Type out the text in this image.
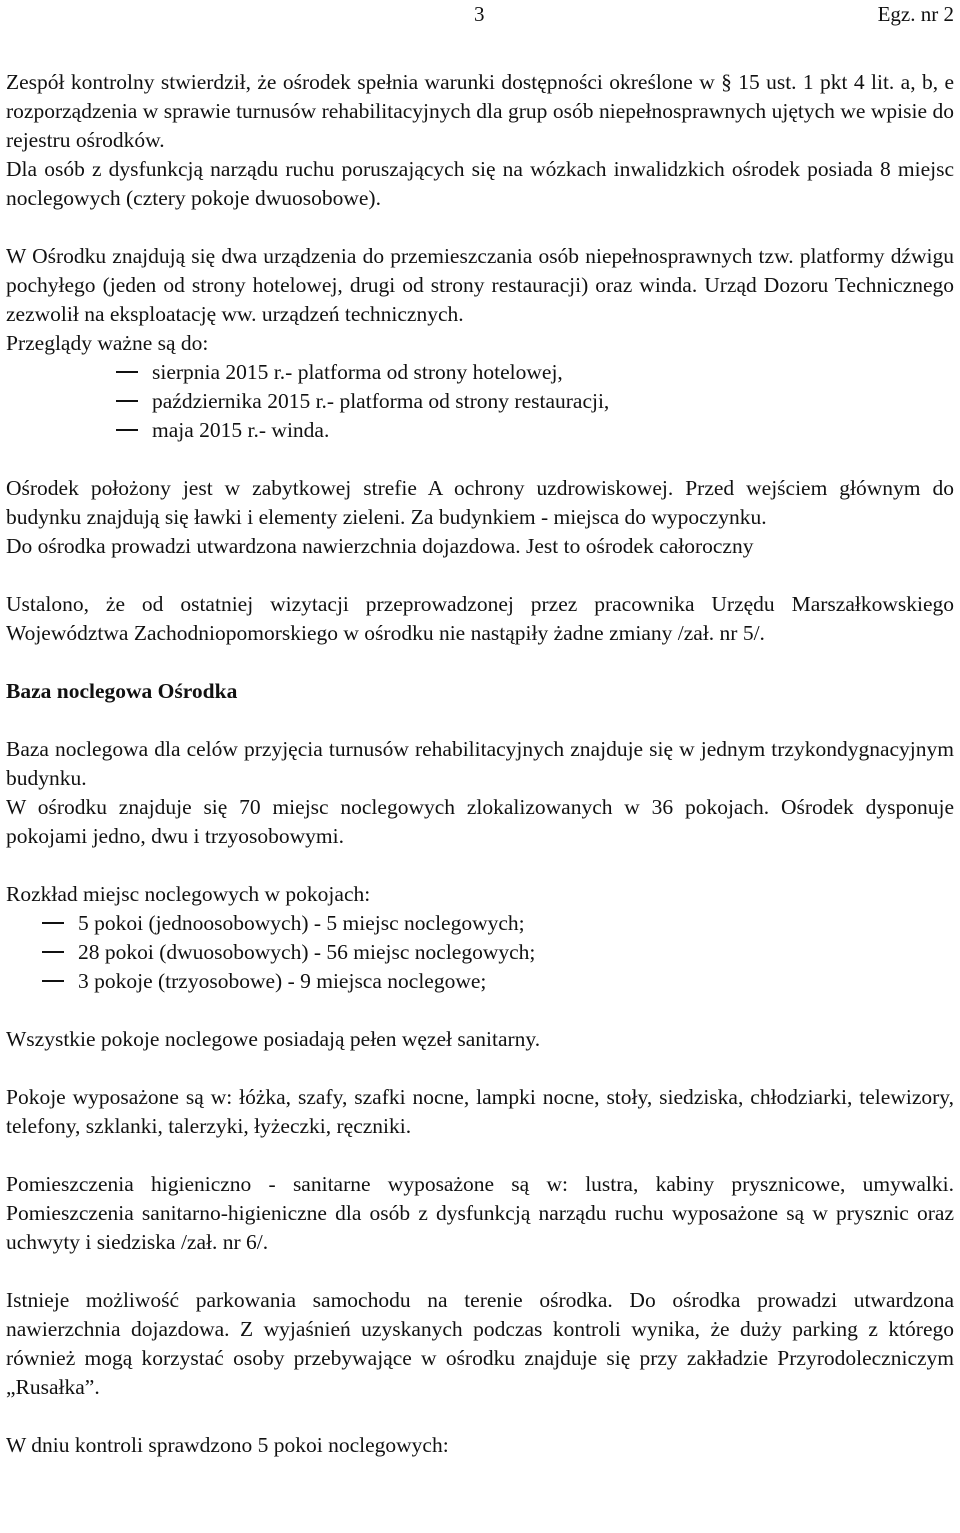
3	Egz. nr 2

Zespół kontrolny stwierdził, że ośrodek spełnia warunki dostępności określone w § 15 ust. 1 pkt 4 lit. a, b, e rozporządzenia w sprawie turnusów rehabilitacyjnych dla grup osób niepełnosprawnych ujętych we wpisie do rejestru ośrodków.

Dla osób z dysfunkcją narządu ruchu poruszających się na wózkach inwalidzkich ośrodek posiada 8 miejsc noclegowych (cztery pokoje dwuosobowe).

W Ośrodku znajdują się dwa urządzenia do przemieszczania osób niepełnosprawnych tzw. platformy dźwigu pochyłego (jeden od strony hotelowej, drugi od strony restauracji) oraz winda. Urząd Dozoru Technicznego zezwolił na eksploatację ww. urządzeń technicznych.

Przeglądy ważne są do:

sierpnia 2015 r.- platforma od strony hotelowej,
października 2015 r.- platforma od strony restauracji,
maja 2015 r.- winda.

Ośrodek położony jest w zabytkowej strefie A ochrony uzdrowiskowej. Przed wejściem głównym do budynku znajdują się ławki i elementy zieleni. Za budynkiem - miejsca do wypoczynku.

Do ośrodka prowadzi utwardzona nawierzchnia dojazdowa. Jest to ośrodek całoroczny

Ustalono, że od ostatniej wizytacji przeprowadzonej przez pracownika Urzędu Marszałkowskiego Województwa Zachodniopomorskiego w ośrodku nie nastąpiły żadne zmiany /zał. nr 5/.

Baza noclegowa Ośrodka

Baza noclegowa dla celów przyjęcia turnusów rehabilitacyjnych znajduje się w jednym trzykondygnacyjnym budynku.

W ośrodku znajduje się 70 miejsc noclegowych zlokalizowanych w 36 pokojach. Ośrodek dysponuje pokojami jedno, dwu i trzyosobowymi.

Rozkład miejsc noclegowych w pokojach:

5 pokoi (jednoosobowych) - 5 miejsc noclegowych;
28 pokoi (dwuosobowych) - 56 miejsc noclegowych;
3 pokoje (trzyosobowe) - 9 miejsca noclegowe;

Wszystkie pokoje noclegowe posiadają pełen węzeł sanitarny.

Pokoje wyposażone są w: łóżka, szafy, szafki nocne, lampki nocne, stoły, siedziska, chłodziarki, telewizory, telefony, szklanki, talerzyki, łyżeczki, ręczniki.

Pomieszczenia higieniczno - sanitarne wyposażone są w: lustra, kabiny prysznicowe, umywalki. Pomieszczenia sanitarno-higieniczne dla osób z dysfunkcją narządu ruchu wyposażone są w prysznic oraz uchwyty i siedziska /zał. nr 6/.

Istnieje możliwość parkowania samochodu na terenie ośrodka. Do ośrodka prowadzi utwardzona nawierzchnia dojazdowa. Z wyjaśnień uzyskanych podczas kontroli wynika, że duży parking z którego również mogą korzystać osoby przebywające w ośrodku znajduje się przy zakładzie Przyrodoleczniczym „Rusałka”.

W dniu kontroli sprawdzono 5 pokoi noclegowych:
